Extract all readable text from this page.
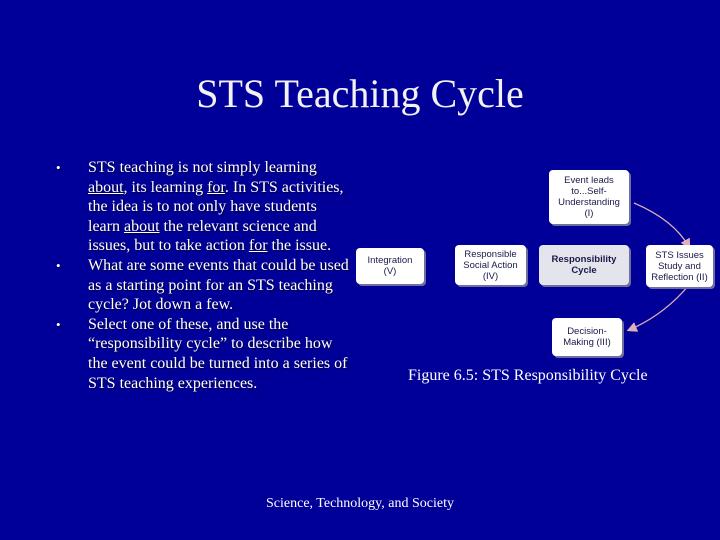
STS Teaching Cycle
• STS teaching is not simply learning about, its learning for. In STS activities, the idea is to not only have students learn about the relevant science and issues, but to take action for the issue.
• What are some events that could be used as a starting point for an STS teaching cycle? Jot down a few.
• Select one of these, and use the “responsibility cycle” to describe how the event could be turned into a series of STS teaching experiences.
Event leads
to...Self-
Understanding
(I)
Integration
(V)
Responsible
Social Action
(IV)
Responsibility
Cycle
STS Issues
Study and
Reflection (II)
Decision-
Making (III)
Figure 6.5: STS Responsibility Cycle
Science, Technology, and Society
